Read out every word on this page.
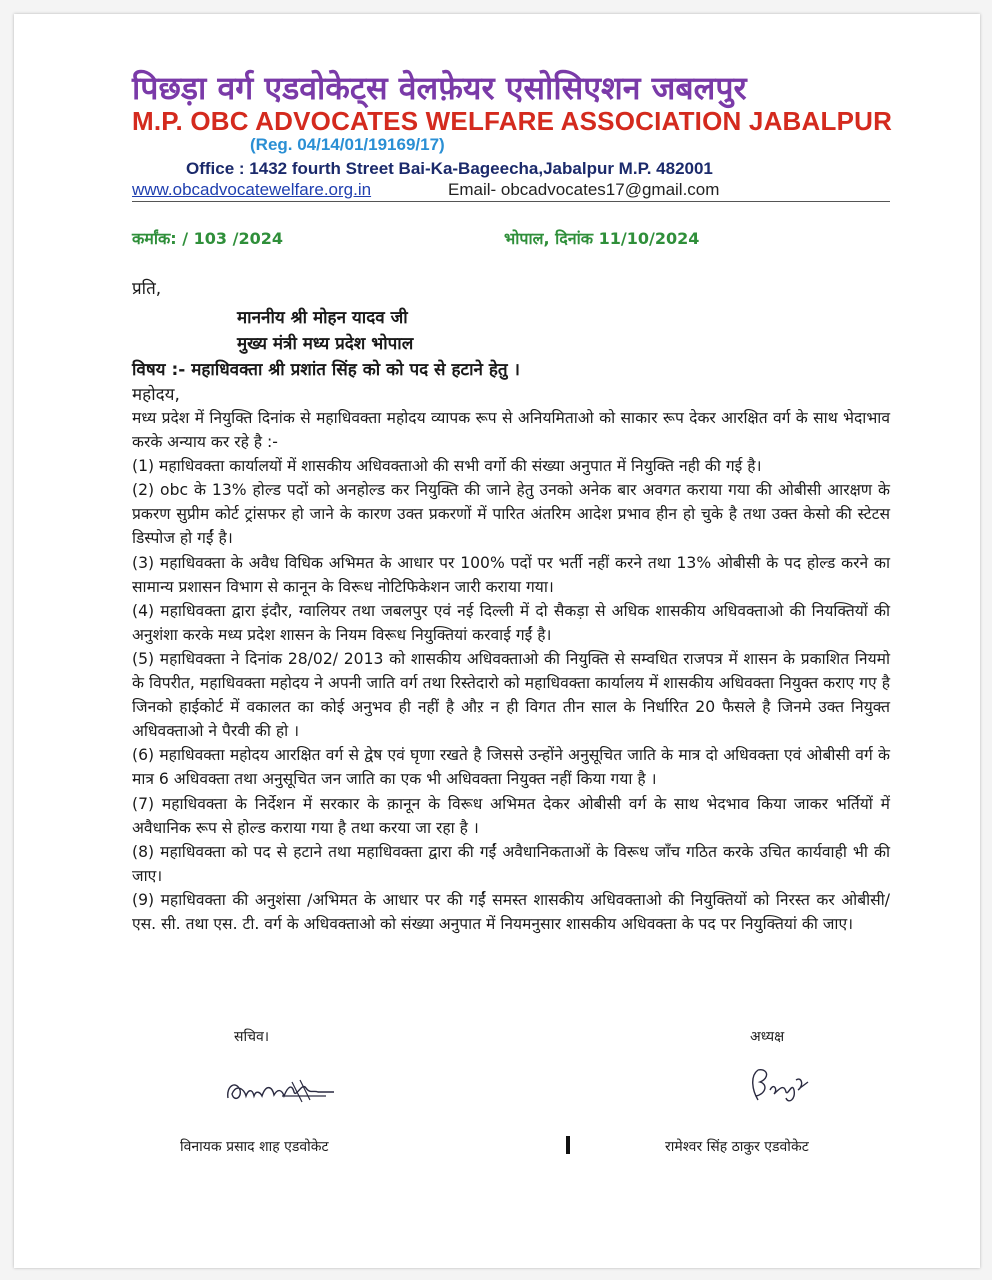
पिछड़ा वर्ग एडवोकेट्स वेलफ़ेयर एसोसिएशन जबलपुर
M.P. OBC ADVOCATES WELFARE ASSOCIATION JABALPUR
(Reg. 04/14/01/19169/17)
Office : 1432 fourth Street Bai-Ka-Bageecha,Jabalpur M.P. 482001
www.obcadvocatewelfare.org.in	Email- obcadvocates17@gmail.com
कर्मांक: / 103 /2024	भोपाल, दिनांक 11/10/2024
प्रति,
माननीय श्री मोहन यादव जी
मुख्य मंत्री मध्य प्रदेश भोपाल
विषय :- महाधिवक्ता श्री प्रशांत सिंह को को पद से हटाने हेतु ।
महोदय,

मध्य प्रदेश में नियुक्ति दिनांक से महाधिवक्ता महोदय व्यापक रूप से अनियमिताओ को साकार रूप देकर आरक्षित वर्ग के साथ भेदाभाव करके अन्याय कर रहे है :-

(1) महाधिवक्ता कार्यालयों में शासकीय अधिवक्ताओ की सभी वर्गो की संख्या अनुपात में नियुक्ति नही की गई है।

(2) obc के 13% होल्ड पदों को अनहोल्ड कर नियुक्ति की जाने हेतु उनको अनेक बार अवगत कराया गया की ओबीसी आरक्षण के प्रकरण सुप्रीम कोर्ट ट्रांसफर हो जाने के कारण उक्त प्रकरणों में पारित अंतरिम आदेश प्रभाव हीन हो चुके है तथा उक्त केसो की स्टेटस डिस्पोज हो गईं है।

(3) महाधिवक्ता के अवैध विधिक अभिमत के आधार पर 100% पदों पर भर्ती नहीं करने तथा 13% ओबीसी के पद होल्ड करने का सामान्य प्रशासन विभाग से कानून के विरूध नोटिफिकेशन जारी कराया गया।

(4) महाधिवक्ता द्वारा इंदौर, ग्वालियर तथा जबलपुर एवं नई दिल्ली में दो सैकड़ा से अधिक शासकीय अधिवक्ताओ की नियक्तियों की अनुशंशा करके मध्य प्रदेश शासन के नियम विरूध नियुक्तियां करवाई गईं है।

(5) महाधिवक्ता ने दिनांक 28/02/ 2013 को शासकीय अधिवक्ताओ की नियुक्ति से सम्वधित राजपत्र में शासन के प्रकाशित नियमो के विपरीत, महाधिवक्ता महोदय ने अपनी जाति वर्ग तथा रिस्तेदारो को महाधिवक्ता कार्यालय में शासकीय अधिवक्ता नियुक्त कराए गए है जिनको हाईकोर्ट में वकालत का कोई अनुभव ही नहीं है औऱ न ही विगत तीन साल के निर्धारित 20 फैसले है जिनमे उक्त नियुक्त अधिवक्ताओ ने पैरवी की हो ।

(6) महाधिवक्ता महोदय आरक्षित वर्ग से द्वेष एवं घृणा रखते है जिससे उन्होंने अनुसूचित जाति के मात्र दो अधिवक्ता एवं ओबीसी वर्ग के मात्र 6 अधिवक्ता तथा अनुसूचित जन जाति का एक भी अधिवक्ता नियुक्त नहीं किया गया है ।

(7) महाधिवक्ता के निर्देशन में सरकार के क़ानून के विरूध अभिमत देकर ओबीसी वर्ग के साथ भेदभाव किया जाकर भर्तियों में अवैधानिक रूप से होल्ड कराया गया है तथा करया जा रहा है ।

(8) महाधिवक्ता को पद से हटाने तथा महाधिवक्ता द्वारा की गईं अवैधानिकताओं के विरूध जाँच गठित करके उचित कार्यवाही भी की जाए।

(9) महाधिवक्ता की अनुशंसा /अभिमत के आधार पर की गईं समस्त शासकीय अधिवक्ताओ की नियुक्तियों को निरस्त कर ओबीसी/ एस. सी. तथा एस. टी. वर्ग के अधिवक्ताओ को संख्या अनुपात में नियमनुसार शासकीय अधिवक्ता के पद पर नियुक्तियां की जाए।

सचिव।	अध्यक्ष
विनायक प्रसाद शाह एडवोकेट	रामेश्वर सिंह ठाकुर एडवोकेट
